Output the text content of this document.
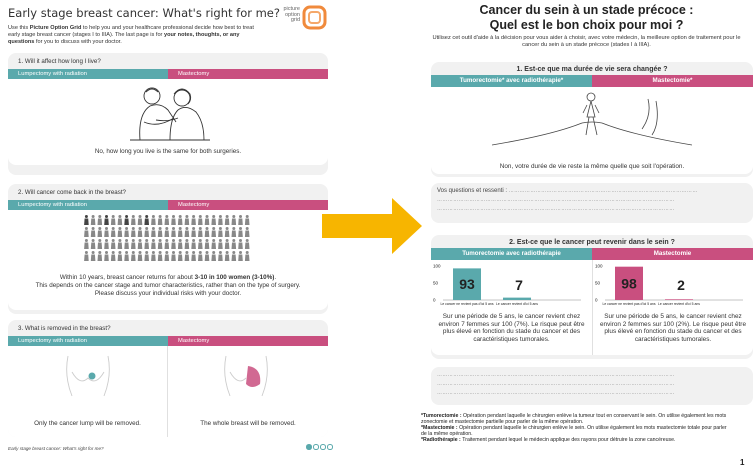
Early stage breast cancer: What's right for me?
Use this Picture Option Grid to help you and your healthcare professional decide how best to treat early stage breast cancer (stages I to IIIA). The last page is for your notes, thoughts, or any questions for you to discuss with your doctor.
picture
option
grid
1. Will it affect how long I live?
Lumpectomy with radiation	Mastectomy
No, how long you live is the same for both surgeries.
2. Will cancer come back in the breast?
Lumpectomy with radiation	Mastectomy
Within 10 years, breast cancer returns for about 3-10 in 100 women (3-10%).
This depends on the cancer stage and tumor characteristics, rather than on the type of surgery.
Please discuss your individual risks with your doctor.
3. What is removed in the breast?
Lumpectomy with radiation	Mastectomy
Only the cancer lump will be removed.	The whole breast will be removed.
Early stage breast cancer: What's right for me?
Cancer du sein à un stade précoce :
Quel est le bon choix pour moi ?
Utilisez cet outil d'aide à la décision pour vous aider à choisir, avec votre médecin, la meilleure option de traitement pour le cancer du sein à un stade précoce (stades I à IIIA).
1. Est-ce que ma durée de vie sera changée ?
Tumorectomie* avec radiothérapie*	Mastectomie*
Non, votre durée de vie reste la même quelle que soit l'opération.
Vos questions et ressenti : ……………………………………………………………………………………………
……………………………………………………………………………………………………………………
……………………………………………………………………………………………………………………
2. Est-ce que le cancer peut revenir dans le sein ?
Tumorectomie avec radiothérapie	Mastectomie
100
50
0
93
Le cancer ne revient pas d'ici 5 ans
7
Le cancer revient d'ici 5 ans
Sur une période de 5 ans, le cancer revient chez environ 7 femmes sur 100 (7%). Le risque peut être plus élevé en fonction du stade du cancer et des caractéristiques tumorales.
100
50
0
98
Le cancer ne revient pas d'ici 5 ans
2
Le cancer revient d'ici 5 ans
Sur une période de 5 ans, le cancer revient chez environ 2 femmes sur 100 (2%). Le risque peut être plus élevé en fonction du stade du cancer et des caractéristiques tumorales.
……………………………………………………………………………………………………………………
……………………………………………………………………………………………………………………
……………………………………………………………………………………………………………………
*Tumorectomie : Opération pendant laquelle le chirurgien enlève la tumeur tout en conservant le sein. On utilise également les mots zonectomie et mastectomie partielle pour parler de la même opération.
*Mastectomie : Opération pendant laquelle le chirurgien enlève le sein. On utilise également les mots mastectomie totale pour parler de la même opération.
*Radiothérapie : Traitement pendant lequel le médecin applique des rayons pour détruire la zone cancéreuse.
1
